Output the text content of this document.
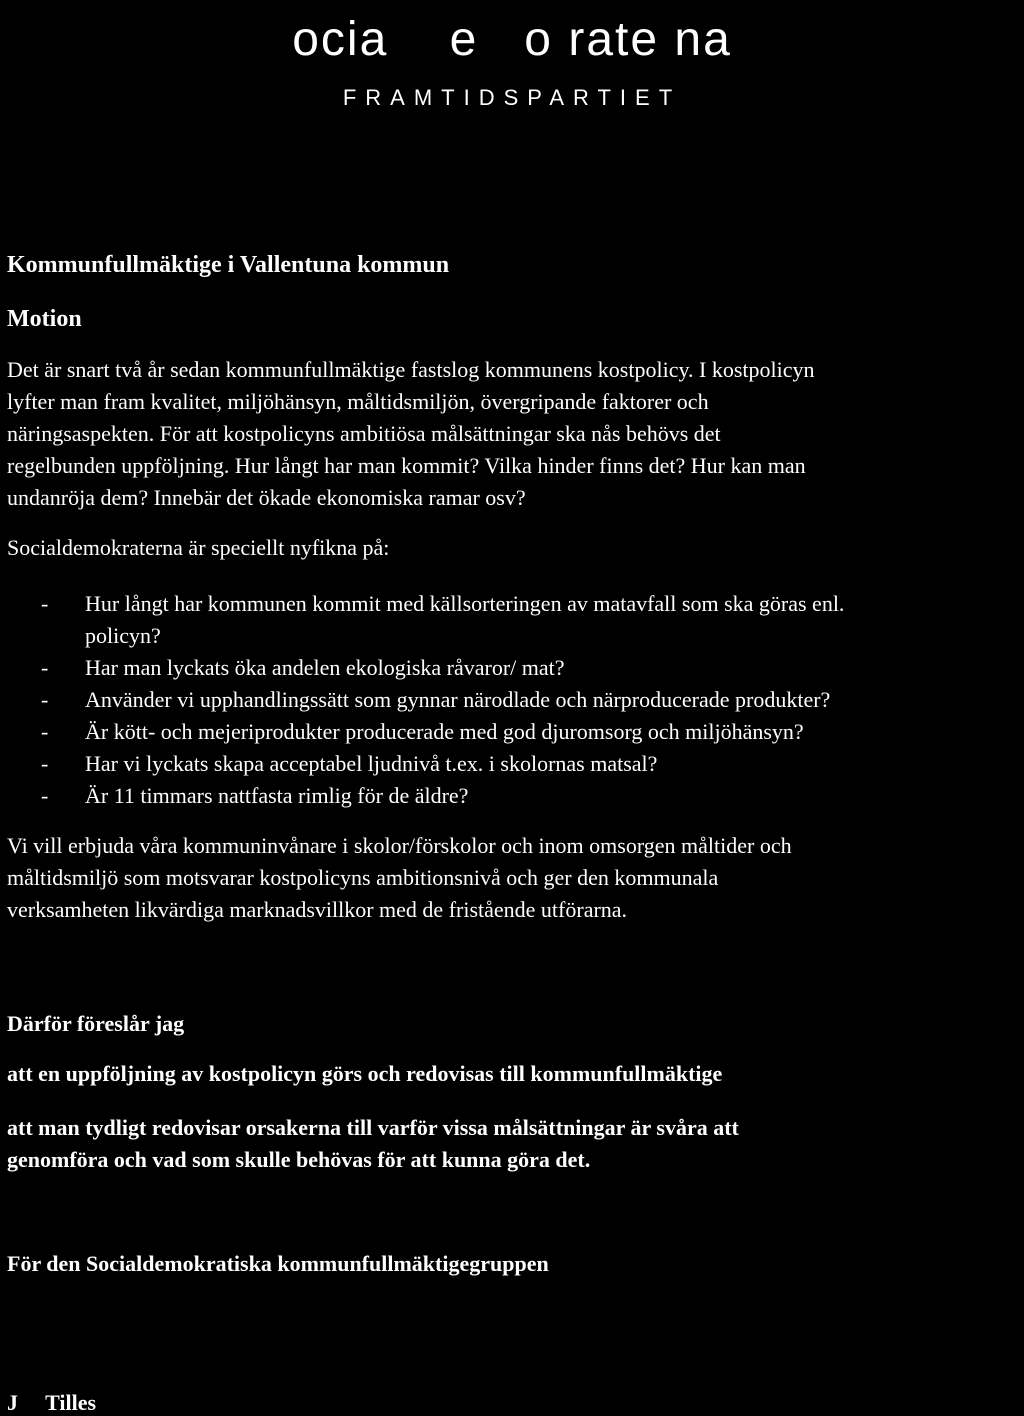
ocia    e   o rate na
FRAMTIDSPARTIET
Kommunfullmäktige i Vallentuna kommun
Motion
Det är snart två år sedan kommunfullmäktige fastslog kommunens kostpolicy. I kostpolicyn
lyfter man fram kvalitet, miljöhänsyn, måltidsmiljön, övergripande faktorer och
näringsaspekten. För att kostpolicyns ambitiösa målsättningar ska nås behövs det
regelbunden uppföljning. Hur långt har man kommit? Vilka hinder finns det? Hur kan man
undanröja dem? Innebär det ökade ekonomiska ramar osv?
Socialdemokraterna är speciellt nyfikna på:
- Hur långt har kommunen kommit med källsorteringen av matavfall som ska göras enl.
policyn?
- Har man lyckats öka andelen ekologiska råvaror/ mat?
- Använder vi upphandlingssätt som gynnar närodlade och närproducerade produkter?
- Är kött- och mejeriprodukter producerade med god djuromsorg och miljöhänsyn?
- Har vi lyckats skapa acceptabel ljudnivå t.ex. i skolornas matsal?
- Är 11 timmars nattfasta rimlig för de äldre?
Vi vill erbjuda våra kommuninvånare i skolor/förskolor och inom omsorgen måltider och
måltidsmiljö som motsvarar kostpolicyns ambitionsnivå och ger den kommunala
verksamheten likvärdiga marknadsvillkor med de fristående utförarna.
Därför föreslår jag
att en uppföljning av kostpolicyn görs och redovisas till kommunfullmäktige
att man tydligt redovisar orsakerna till varför vissa målsättningar är svåra att
genomföra och vad som skulle behövas för att kunna göra det.
För den Socialdemokratiska kommunfullmäktigegruppen
J     Tilles
